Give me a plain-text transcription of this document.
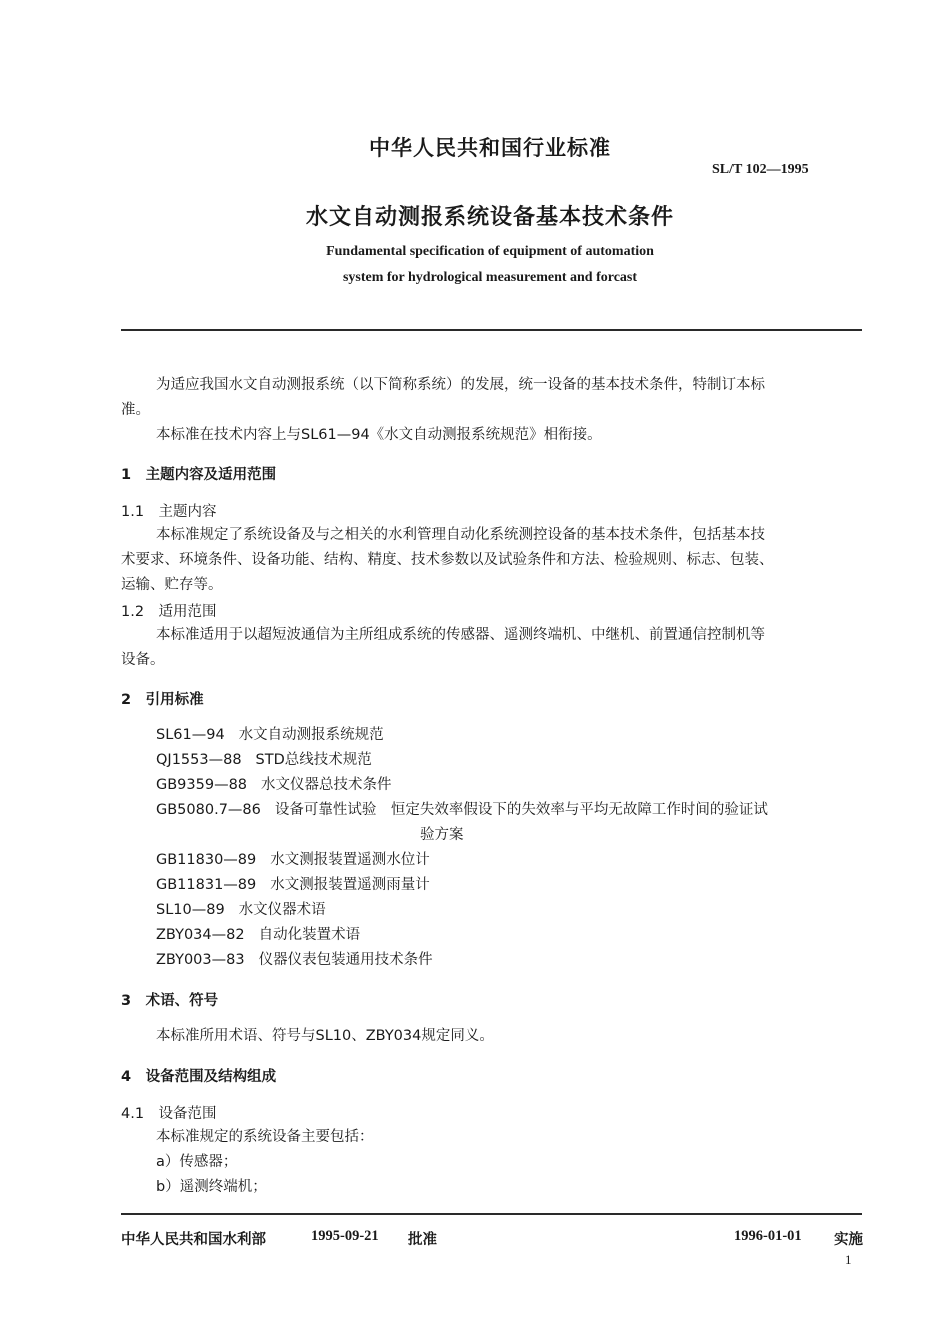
中华人民共和国行业标准
SL/T 102—1995
水文自动测报系统设备基本技术条件
Fundamental specification of equipment of automation
system for hydrological measurement and forcast
为适应我国水文自动测报系统（以下简称系统）的发展，统一设备的基本技术条件，特制订本标
准。
本标准在技术内容上与SL61—94《水文自动测报系统规范》相衔接。
1　主题内容及适用范围
1.1　主题内容
本标准规定了系统设备及与之相关的水利管理自动化系统测控设备的基本技术条件，包括基本技
术要求、环境条件、设备功能、结构、精度、技术参数以及试验条件和方法、检验规则、标志、包装、
运输、贮存等。
1.2　适用范围
本标准适用于以超短波通信为主所组成系统的传感器、遥测终端机、中继机、前置通信控制机等
设备。
2　引用标准
SL61—94 水文自动测报系统规范
QJ1553—88 STD总线技术规范
GB9359—88 水文仪器总技术条件
GB5080.7—86 设备可靠性试验　恒定失效率假设下的失效率与平均无故障工作时间的验证试
验方案
GB11830—89 水文测报装置遥测水位计
GB11831—89 水文测报装置遥测雨量计
SL10—89 水文仪器术语
ZBY034—82 自动化装置术语
ZBY003—83 仪器仪表包装通用技术条件
3　术语、符号
本标准所用术语、符号与SL10、ZBY034规定同义。
4　设备范围及结构组成
4.1　设备范围
本标准规定的系统设备主要包括：
a）传感器；
b）遥测终端机；
中华人民共和国水利部	1995-09-21 批准	1996-01-01 实施
1
